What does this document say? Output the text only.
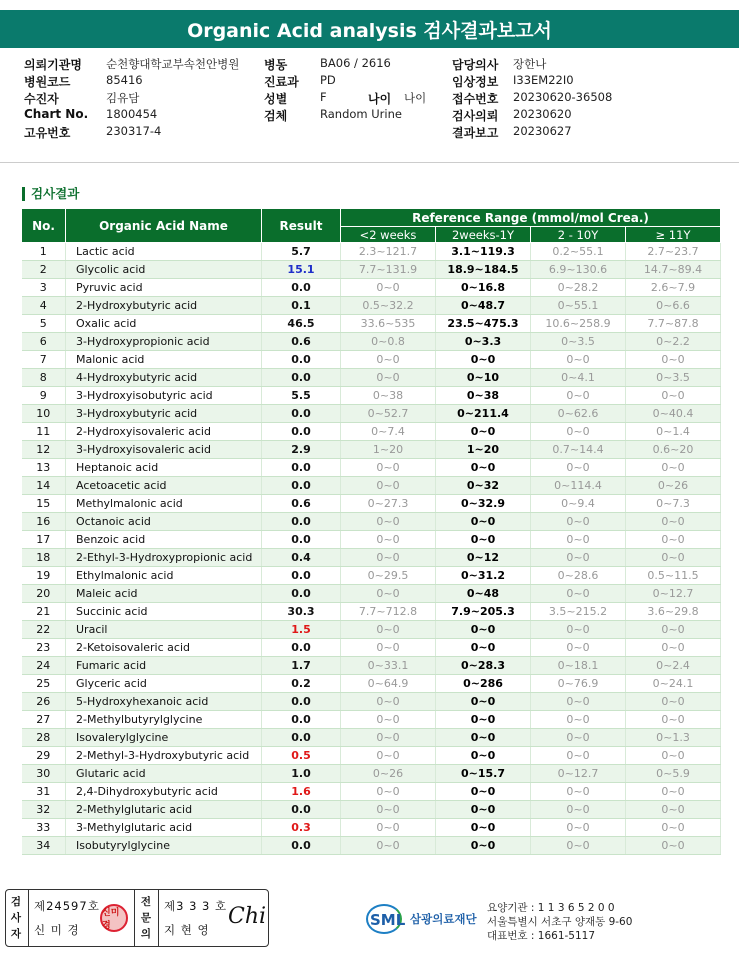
Organic Acid analysis 검사결과보고서
의뢰기관명 순천향대학교부속천안병원 병동	BA06 / 2616	담당의사 장한나
병원코드	85416	진료과 PD	임상정보 I33EM22I0
수진자	김유담	성별	F	나이 나이 접수번호 20230620-36508
Chart No. 1800454	검체	Random Urine	검사의뢰 20230620
고유번호	230317-4	결과보고 20230627
검사결과
No.	Organic Acid Name	Result	Reference Range (mmol/mol Crea.)			
			<2 weeks	2weeks-1Y	2 - 10Y	≥ 11Y
1	Lactic acid	5.7	2.3~121.7	3.1~119.3	0.2~55.1	2.7~23.7
2	Glycolic acid	15.1	7.7~131.9	18.9~184.5	6.9~130.6	14.7~89.4
3	Pyruvic acid	0.0	0~0	0~16.8	0~28.2	2.6~7.9
4	2-Hydroxybutyric acid	0.1	0.5~32.2	0~48.7	0~55.1	0~6.6
5	Oxalic acid	46.5	33.6~535	23.5~475.3	10.6~258.9	7.7~87.8
6	3-Hydroxypropionic acid	0.6	0~0.8	0~3.3	0~3.5	0~2.2
7	Malonic acid	0.0	0~0	0~0	0~0	0~0
8	4-Hydroxybutyric acid	0.0	0~0	0~10	0~4.1	0~3.5
9	3-Hydroxyisobutyric acid	5.5	0~38	0~38	0~0	0~0
10	3-Hydroxybutyric acid	0.0	0~52.7	0~211.4	0~62.6	0~40.4
11	2-Hydroxyisovaleric acid	0.0	0~7.4	0~0	0~0	0~1.4
12	3-Hydroxyisovaleric acid	2.9	1~20	1~20	0.7~14.4	0.6~20
13	Heptanoic acid	0.0	0~0	0~0	0~0	0~0
14	Acetoacetic acid	0.0	0~0	0~32	0~114.4	0~26
15	Methylmalonic acid	0.6	0~27.3	0~32.9	0~9.4	0~7.3
16	Octanoic acid	0.0	0~0	0~0	0~0	0~0
17	Benzoic acid	0.0	0~0	0~0	0~0	0~0
18	2-Ethyl-3-Hydroxypropionic acid	0.4	0~0	0~12	0~0	0~0
19	Ethylmalonic acid	0.0	0~29.5	0~31.2	0~28.6	0.5~11.5
20	Maleic acid	0.0	0~0	0~48	0~0	0~12.7
21	Succinic acid	30.3	7.7~712.8	7.9~205.3	3.5~215.2	3.6~29.8
22	Uracil	1.5	0~0	0~0	0~0	0~0
23	2-Ketoisovaleric acid	0.0	0~0	0~0	0~0	0~0
24	Fumaric acid	1.7	0~33.1	0~28.3	0~18.1	0~2.4
25	Glyceric acid	0.2	0~64.9	0~286	0~76.9	0~24.1
26	5-Hydroxyhexanoic acid	0.0	0~0	0~0	0~0	0~0
27	2-Methylbutyrylglycine	0.0	0~0	0~0	0~0	0~0
28	Isovalerylglycine	0.0	0~0	0~0	0~0	0~1.3
29	2-Methyl-3-Hydroxybutyric acid	0.5	0~0	0~0	0~0	0~0
30	Glutaric acid	1.0	0~26	0~15.7	0~12.7	0~5.9
31	2,4-Dihydroxybutyric acid	1.6	0~0	0~0	0~0	0~0
32	2-Methylglutaric acid	0.0	0~0	0~0	0~0	0~0
33	3-Methylglutaric acid	0.3	0~0	0~0	0~0	0~0
34	Isobutyrylglycine	0.0	0~0	0~0	0~0	0~0
검
사
자
제24597호
신 미 경
신미경
전
문
의
제3 3 3 호
지 현 영
Chi	SML 삼광의료재단
요양기관 : 1 1 3 6 5 2 0 0
서울특별시 서초구 양재동 9-60
대표번호 : 1661-5117
